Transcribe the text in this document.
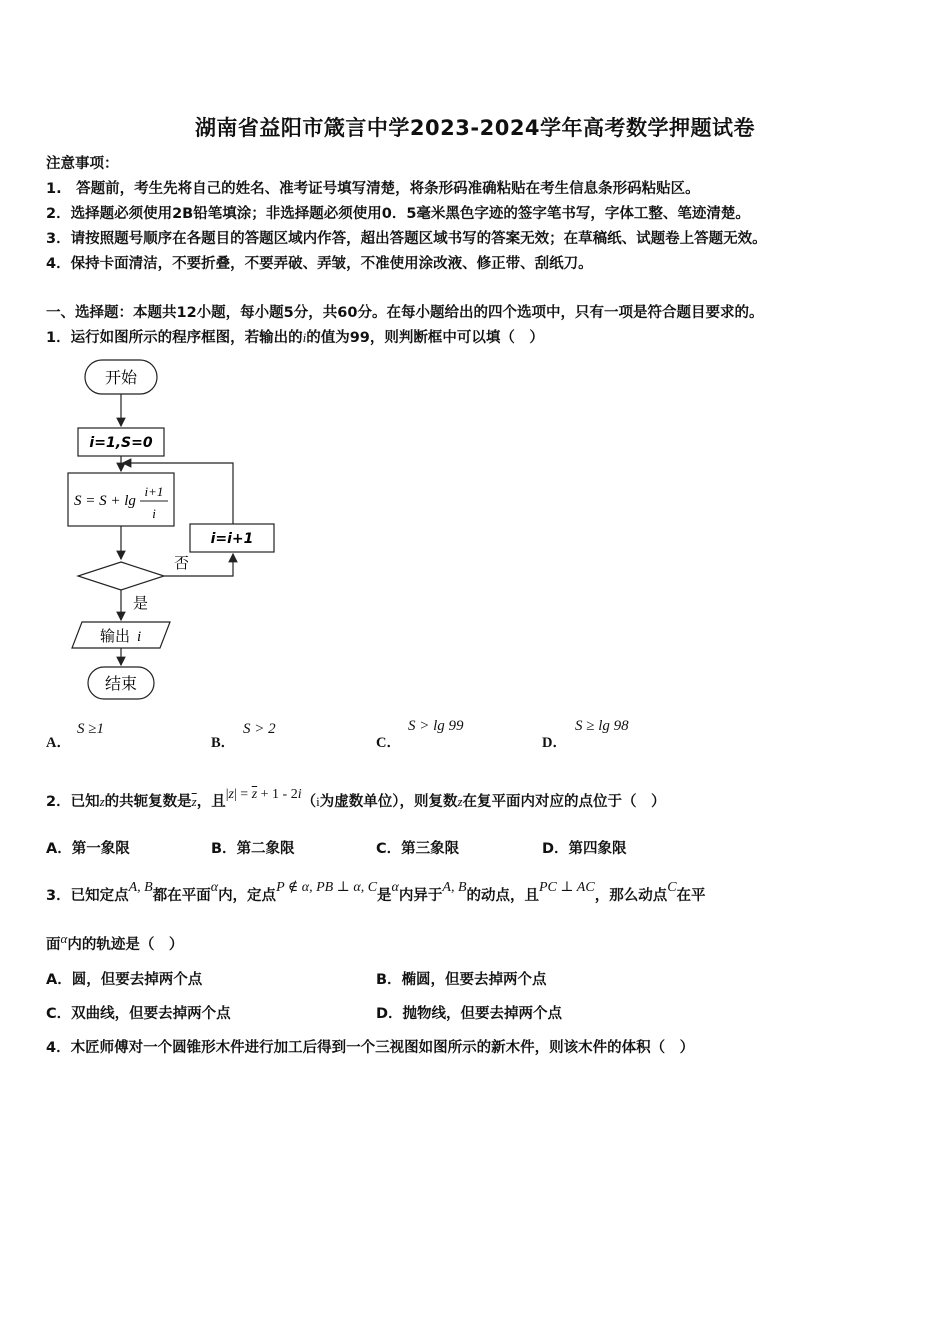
湖南省益阳市箴言中学2023-2024学年高考数学押题试卷
注意事项：
1.　答题前，考生先将自己的姓名、准考证号填写清楚，将条形码准确粘贴在考生信息条形码粘贴区。
2．选择题必须使用2B铅笔填涂；非选择题必须使用0．5毫米黑色字迹的签字笔书写，字体工整、笔迹清楚。
3．请按照题号顺序在各题目的答题区域内作答，超出答题区域书写的答案无效；在草稿纸、试题卷上答题无效。
4．保持卡面清洁，不要折叠，不要弄破、弄皱，不准使用涂改液、修正带、刮纸刀。
一、选择题：本题共12小题，每小题5分，共60分。在每小题给出的四个选项中，只有一项是符合题目要求的。
1．运行如图所示的程序框图，若输出的i的值为99，则判断框中可以填（　）
开始
i=1,S=0
S = S + lg
i+1
i
否
i=i+1
是
输出 i
结束
A．
S ≥1
B．
S > 2
C．
S > lg 99
D．
S ≥ lg 98
2．已知z的共轭复数是$\overline{z}$，且$|z| = \overline{z} + 1 - 2i(i$为虚数单位），则复数z在复平面内对应的点位于（　）
A．第一象限	B．第二象限	C．第三象限	D．第四象限
3．已知定点A, B都在平面α内，定点P ∉ α, PB ⊥ α, C是α内异于A, B的动点，且PC ⊥ AC，那么动点C在平
面α内的轨迹是（　）
A．圆，但要去掉两个点	B．椭圆，但要去掉两个点
C．双曲线，但要去掉两个点	D．抛物线，但要去掉两个点
4．木匠师傅对一个圆锥形木件进行加工后得到一个三视图如图所示的新木件，则该木件的体积（　）
